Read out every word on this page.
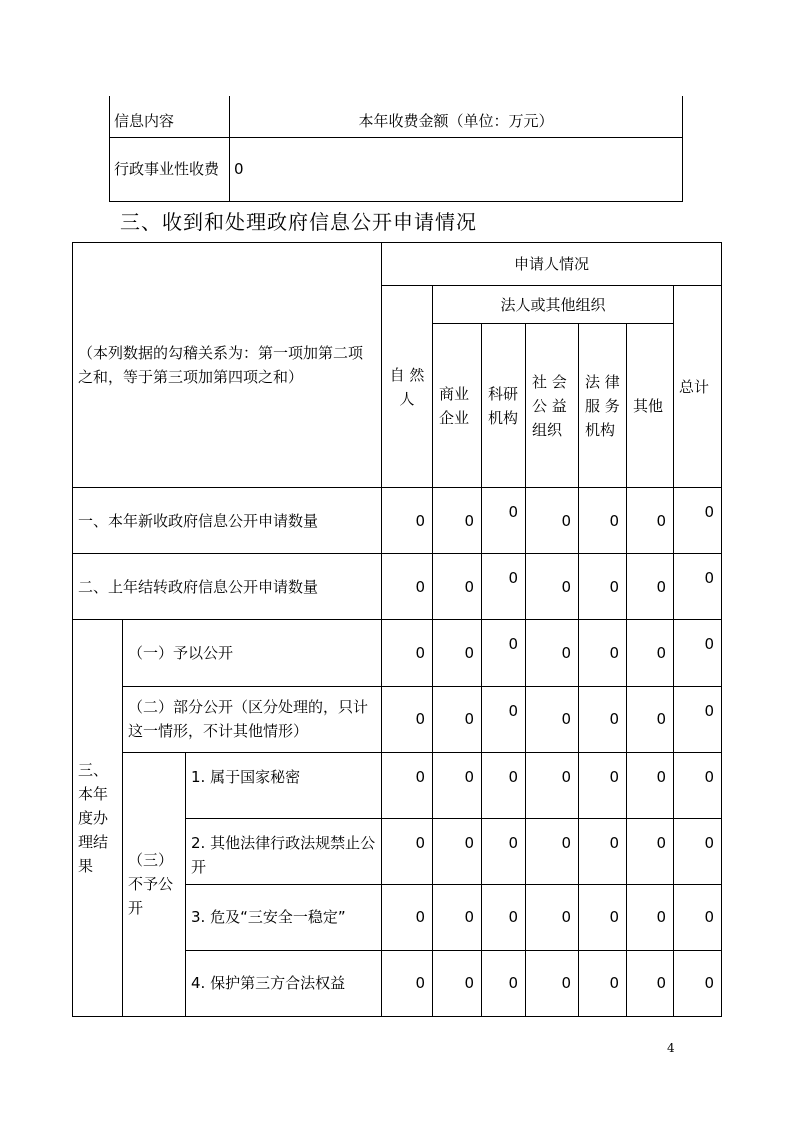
信息内容	本年收费金额（单位：万元）
行政事业性收费	0
三、收到和处理政府信息公开申请情况
（本列数据的勾稽关系为：第一项加第二项之和，等于第三项加第四项之和）			申请人情况						
			自 然 人	法人或其他组织					总计
				商业企业	科研机构	社 会 公 益 组织	法 律 服 务 机构	其他	
一、本年新收政府信息公开申请数量			0	0	0	0	0	0	0
二、上年结转政府信息公开申请数量			0	0	0	0	0	0	0
三、本年度办理结果	（一）予以公开		0	0	0	0	0	0	0
	（二）部分公开（区分处理的，只计这一情形，不计其他情形）		0	0	0	0	0	0	0
	（三）不予公开	1. 属于国家秘密	0	0	0	0	0	0	0
		2. 其他法律行政法规禁止公开	0	0	0	0	0	0	0
		3. 危及“三安全一稳定”	0	0	0	0	0	0	0

		4. 保护第三方合法权益	0	0	0	0	0	0	0
4
